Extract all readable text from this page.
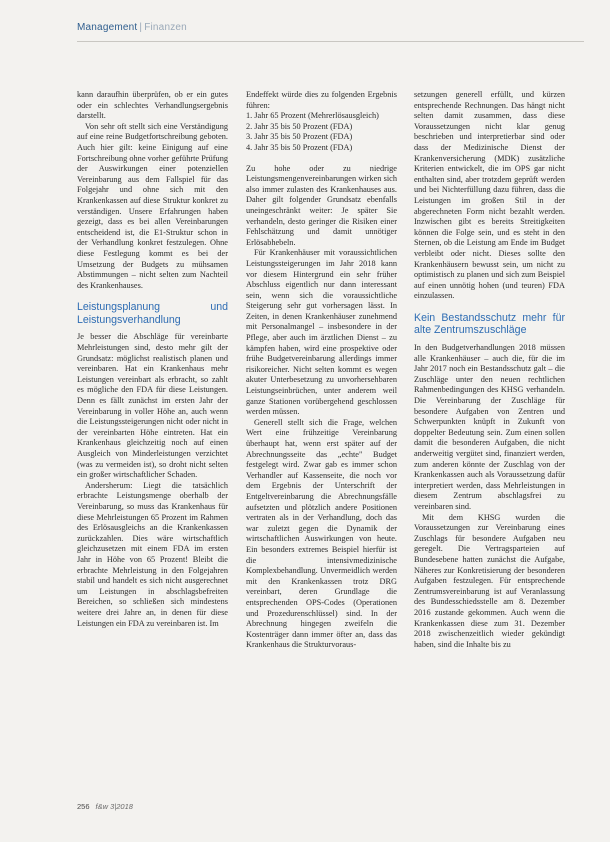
Management | Finanzen

kann daraufhin überprüfen, ob er ein gutes oder ein schlechtes Verhandlungsergebnis darstellt.

Von sehr oft stellt sich eine Verständigung auf eine reine Budgetfortschreibung geboten. Auch hier gilt: keine Einigung auf eine Fortschreibung ohne vorher geführte Prüfung der Auswirkungen einer potenziellen Vereinbarung aus dem Fallspiel für das Folgejahr und ohne sich mit den Krankenkassen auf diese Struktur konkret zu verständigen. Unsere Erfahrungen haben gezeigt, dass es bei allen Vereinbarungen entscheidend ist, die E1-Struktur schon in der Verhandlung konkret festzulegen. Ohne diese Festlegung kommt es bei der Umsetzung der Budgets zu mühsamen Abstimmungen – nicht selten zum Nachteil des Krankenhauses.

Leistungsplanung und Leistungsverhandlung

Je besser die Abschläge für vereinbarte Mehrleistungen sind, desto mehr gilt der Grundsatz: möglichst realistisch planen und vereinbaren. Hat ein Krankenhaus mehr Leistungen vereinbart als erbracht, so zahlt es mögliche den FDA für diese Leistungen. Denn es fällt zunächst im ersten Jahr der Vereinbarung in voller Höhe an, auch wenn die Leistungssteigerungen nicht oder nicht in der vereinbarten Höhe eintreten. Hat ein Krankenhaus gleichzeitig noch auf einen Ausgleich von Minderleistungen verzichtet (was zu vermeiden ist), so droht nicht selten ein großer wirtschaftlicher Schaden.

Andersherum: Liegt die tatsächlich erbrachte Leistungsmenge oberhalb der Vereinbarung, so muss das Krankenhaus für diese Mehrleistungen 65 Prozent im Rahmen des Erlösausgleichs an die Krankenkassen zurückzahlen. Dies wäre wirtschaftlich gleichzusetzen mit einem FDA im ersten Jahr in Höhe von 65 Prozent! Bleibt die erbrachte Mehrleistung in den Folgejahren stabil und handelt es sich nicht ausgerechnet um Leistungen in abschlagsbefreiten Bereichen, so schließen sich mindestens weitere drei Jahre an, in denen für diese Leistungen ein FDA zu vereinbaren ist. Im

Endeffekt würde dies zu folgenden Ergebnis führen:

1. Jahr 65 Prozent (Mehrerlösausgleich)
2. Jahr 35 bis 50 Prozent (FDA)
3. Jahr 35 bis 50 Prozent (FDA)
4. Jahr 35 bis 50 Prozent (FDA)

Zu hohe oder zu niedrige Leistungsmengenvereinbarungen wirken sich also immer zulasten des Krankenhauses aus. Daher gilt folgender Grundsatz ebenfalls uneingeschränkt weiter: Je später Sie verhandeln, desto geringer die Risiken einer Fehlschätzung und damit unnötiger Erlösabhebeln.

Für Krankenhäuser mit voraussichtlichen Leistungssteigerungen im Jahr 2018 kann vor diesem Hintergrund ein sehr früher Abschluss eigentlich nur dann interessant sein, wenn sich die voraussichtliche Steigerung sehr gut vorhersagen lässt. In Zeiten, in denen Krankenhäuser zunehmend mit Personalmangel – insbesondere in der Pflege, aber auch im ärztlichen Dienst – zu kämpfen haben, wird eine prospektive oder frühe Budgetvereinbarung allerdings immer risikoreicher. Nicht selten kommt es wegen akuter Unterbesetzung zu unvorhersehbaren Leistungseinbrüchen, unter anderem weil ganze Stationen vorübergehend geschlossen werden müssen.

Generell stellt sich die Frage, welchen Wert eine frühzeitige Vereinbarung überhaupt hat, wenn erst später auf der Abrechnungsseite das „echte" Budget festgelegt wird. Zwar gab es immer schon Verhandler auf Kassenseite, die noch vor dem Ergebnis der Unterschrift der Entgeltvereinbarung die Abrechnungsfälle aufsetzten und plötzlich andere Positionen vertraten als in der Verhandlung, doch das war zuletzt gegen die Dynamik der wirtschaftlichen Auswirkungen von heute. Ein besonders extremes Beispiel hierfür ist die intensivmedizinische Komplexbehandlung. Unvermeidlich werden mit den Krankenkassen trotz DRG vereinbart, deren Grundlage die entsprechenden OPS-Codes (Operationen und Prozedurenschlüssel) sind. In der Abrechnung hingegen zweifeln die Kostenträger dann immer öfter an, dass das Krankenhaus die Strukturvoraus-

setzungen generell erfüllt, und kürzen entsprechende Rechnungen. Das hängt nicht selten damit zusammen, dass diese Voraussetzungen nicht klar genug beschrieben und interpretierbar sind oder dass der Medizinische Dienst der Krankenversicherung (MDK) zusätzliche Kriterien entwickelt, die im OPS gar nicht enthalten sind, aber trotzdem geprüft werden und bei Nichterfüllung dazu führen, dass die Leistungen im großen Stil in der abgerechneten Form nicht bezahlt werden. Inzwischen gibt es bereits Streitigkeiten können die Folge sein, und es steht in den Sternen, ob die Leistung am Ende im Budget verbleibt oder nicht. Dieses sollte den Krankenhäusern bewusst sein, um nicht zu optimistisch zu planen und sich zum Beispiel auf einen unnötig hohen (und teuren) FDA einzulassen.

Kein Bestandsschutz mehr für alte Zentrumszuschläge

In den Budgetverhandlungen 2018 müssen alle Krankenhäuser – auch die, für die im Jahr 2017 noch ein Bestandsschutz galt – die Zuschläge unter den neuen rechtlichen Rahmenbedingungen des KHSG verhandeln. Die Vereinbarung der Zuschläge für besondere Aufgaben von Zentren und Schwerpunkten knüpft in Zukunft von doppelter Bedeutung sein. Zum einen sollen damit die besonderen Aufgaben, die nicht anderweitig vergütet sind, finanziert werden, zum anderen könnte der Zuschlag von der Krankenkassen auch als Voraussetzung dafür interpretiert werden, dass Mehrleistungen in diesem Zentrum abschlagsfrei zu vereinbaren sind.

Mit dem KHSG wurden die Voraussetzungen zur Vereinbarung eines Zuschlags für besondere Aufgaben neu geregelt. Die Vertragsparteien auf Bundesebene hatten zunächst die Aufgabe, Näheres zur Konkretisierung der besonderen Aufgaben festzulegen. Für entsprechende Zentrumsvereinbarung ist auf Veranlassung des Bundesschiedsstelle am 8. Dezember 2016 zustande gekommen. Auch wenn die Krankenkassen diese zum 31. Dezember 2018 zwischenzeitlich wieder gekündigt haben, sind die Inhalte bis zu

256 f&w 3|2018
